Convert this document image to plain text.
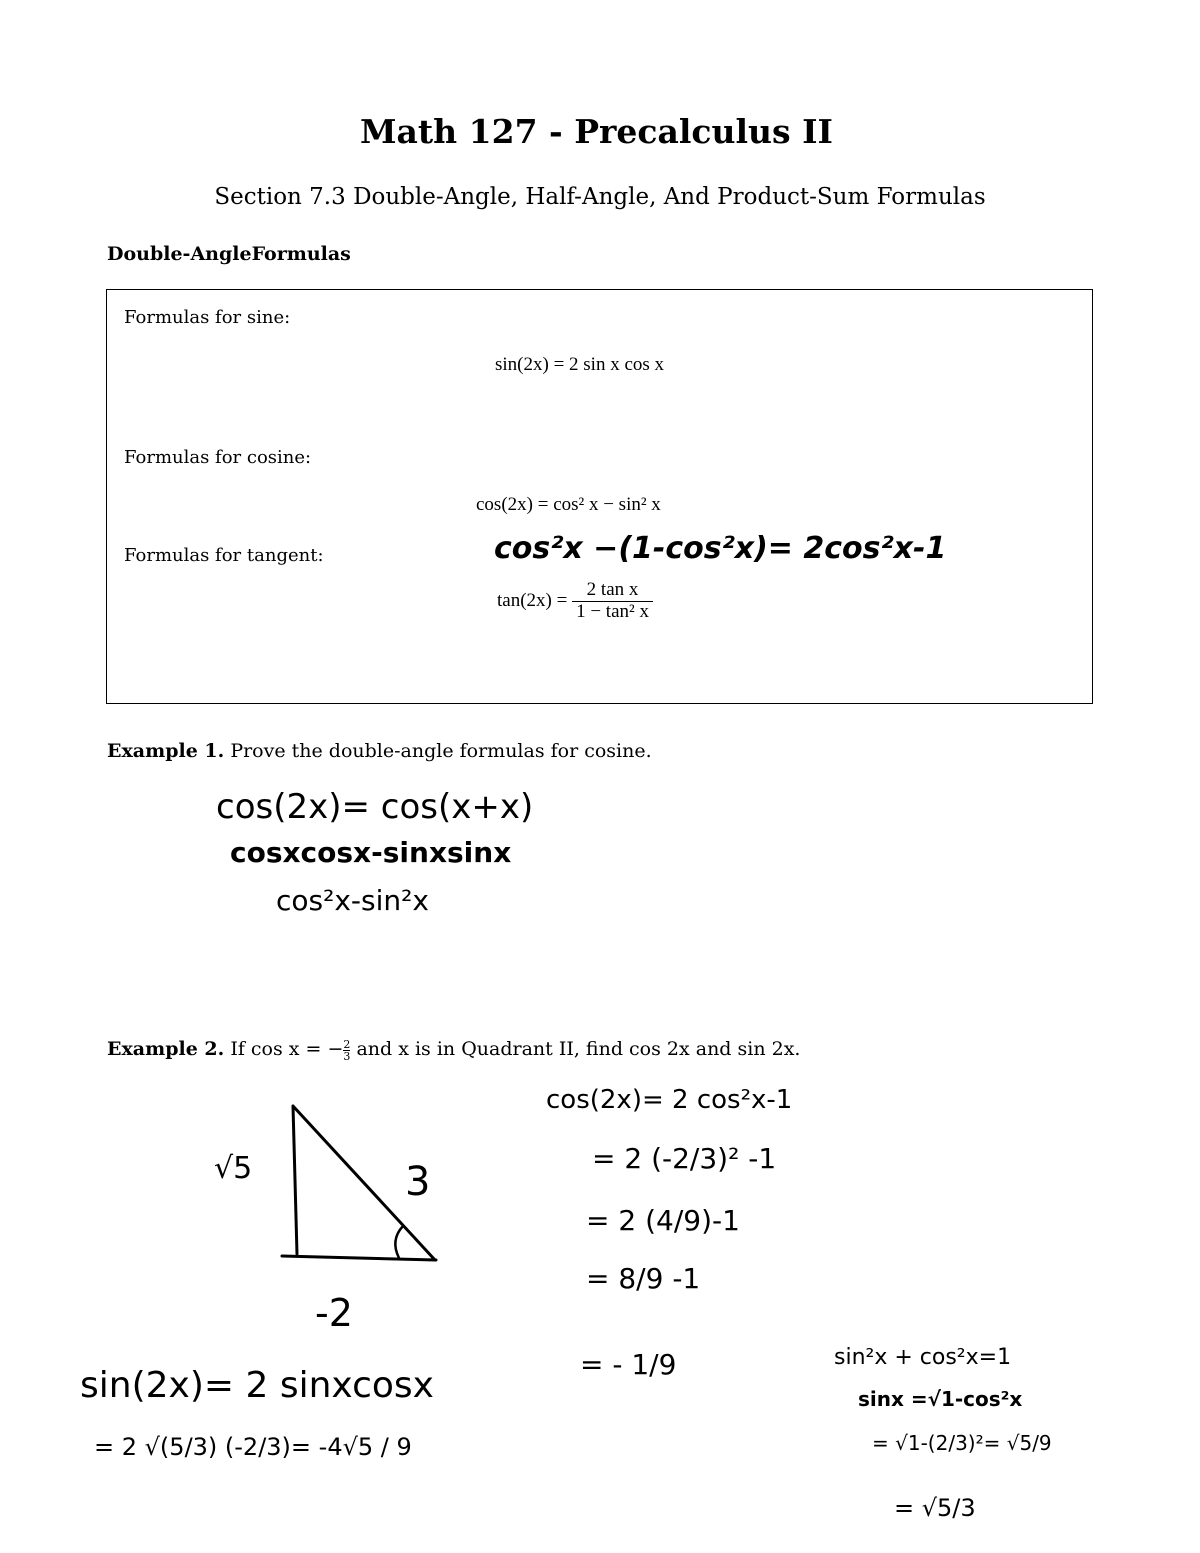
Math 127 - Precalculus II
Section 7.3 Double-Angle, Half-Angle, And Product-Sum Formulas
Double-AngleFormulas
Formulas for sine:
sin(2x) = 2 sin x cos x
Formulas for cosine:
cos(2x) = cos² x − sin² x
Formulas for tangent:	cos²x −(1-cos²x)= 2cos²x-1
$\tan(2x) = \frac{\text{2 tan x}}{\text{1 − tan² x}}$
Example 1. Prove the double-angle formulas for cosine.
cos(2x)= cos(x+x)
cosxcosx-sinxsinx
cos²x-sin²x
Example 2. If cos x = − $\frac{2}{3}$ and x is in Quadrant II, find cos 2x and sin 2x.
√5	3
-2
cos(2x)= 2 cos²x-1
= 2 (-2/3)² -1
= 2 (4/9)-1
= 8/9 -1
= - 1/9
sin(2x)= 2 sinxcosx
= 2 √(5/3) (-2/3)= -4√5 / 9
sin²x + cos²x=1
sinx =√1-cos²x
= √1-(2/3)²= √5/9
= √5/3
